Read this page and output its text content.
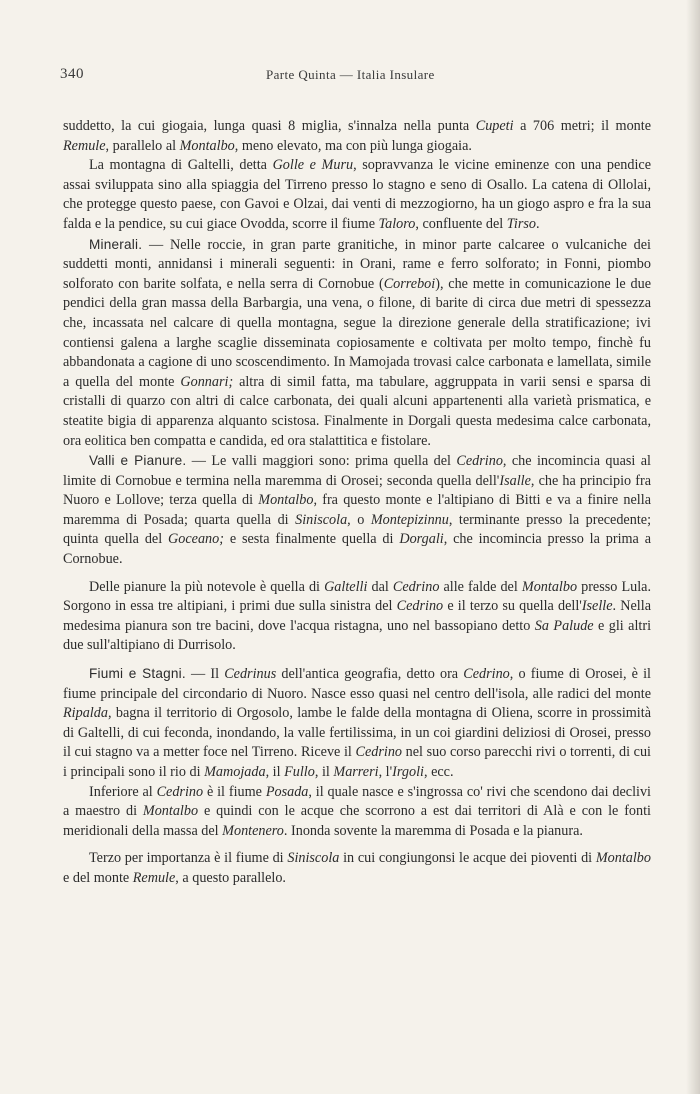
340	Parte Quinta — Italia Insulare

suddetto, la cui giogaia, lunga quasi 8 miglia, s'innalza nella punta Cupeti a 706 metri; il monte Remule, parallelo al Montalbo, meno elevato, ma con più lunga giogaia.

La montagna di Galtelli, detta Golle e Muru, sopravvanza le vicine eminenze con una pendice assai sviluppata sino alla spiaggia del Tirreno presso lo stagno e seno di Osallo. La catena di Ollolai, che protegge questo paese, con Gavoi e Olzai, dai venti di mezzogiorno, ha un giogo aspro e fra la sua falda e la pendice, su cui giace Ovodda, scorre il fiume Taloro, confluente del Tirso.

Minerali. — Nelle roccie, in gran parte granitiche, in minor parte calcaree o vulcaniche dei suddetti monti, annidansi i minerali seguenti: in Orani, rame e ferro solforato; in Fonni, piombo solforato con barite solfata, e nella serra di Cornobue (Correboi), che mette in comunicazione le due pendici della gran massa della Barbargia, una vena, o filone, di barite di circa due metri di spessezza che, incassata nel calcare di quella montagna, segue la direzione generale della stratificazione; ivi contiensi galena a larghe scaglie disseminata copiosamente e coltivata per molto tempo, finchè fu abbandonata a cagione di uno scoscendimento. In Mamojada trovasi calce carbonata e lamellata, simile a quella del monte Gonnari; altra di simil fatta, ma tabulare, aggruppata in varii sensi e sparsa di cristalli di quarzo con altri di calce carbonata, dei quali alcuni appartenenti alla varietà prismatica, e steatite bigia di apparenza alquanto scistosa. Finalmente in Dorgali questa medesima calce carbonata, ora eolitica ben compatta e candida, ed ora stalattitica e fistolare.

Valli e Pianure. — Le valli maggiori sono: prima quella del Cedrino, che incomincia quasi al limite di Cornobue e termina nella maremma di Orosei; seconda quella dell'Isalle, che ha principio fra Nuoro e Lollove; terza quella di Montalbo, fra questo monte e l'altipiano di Bitti e va a finire nella maremma di Posada; quarta quella di Siniscola, o Montepizinnu, terminante presso la precedente; quinta quella del Goceano; e sesta finalmente quella di Dorgali, che incomincia presso la prima a Cornobue.

Delle pianure la più notevole è quella di Galtelli dal Cedrino alle falde del Montalbo presso Lula. Sorgono in essa tre altipiani, i primi due sulla sinistra del Cedrino e il terzo su quella dell'Iselle. Nella medesima pianura son tre bacini, dove l'acqua ristagna, uno nel bassopiano detto Sa Palude e gli altri due sull'altipiano di Durrisolo.

Fiumi e Stagni. — Il Cedrinus dell'antica geografia, detto ora Cedrino, o fiume di Orosei, è il fiume principale del circondario di Nuoro. Nasce esso quasi nel centro dell'isola, alle radici del monte Ripalda, bagna il territorio di Orgosolo, lambe le falde della montagna di Oliena, scorre in prossimità di Galtelli, di cui feconda, inondando, la valle fertilissima, in un coi giardini deliziosi di Orosei, presso il cui stagno va a metter foce nel Tirreno. Riceve il Cedrino nel suo corso parecchi rivi o torrenti, di cui i principali sono il rio di Mamojada, il Fullo, il Marreri, l'Irgoli, ecc.

Inferiore al Cedrino è il fiume Posada, il quale nasce e s'ingrossa co' rivi che scendono dai declivi a maestro di Montalbo e quindi con le acque che scorrono a est dai territori di Alà e con le fonti meridionali della massa del Montenero. Inonda sovente la maremma di Posada e la pianura.

Terzo per importanza è il fiume di Siniscola in cui congiungonsi le acque dei pioventi di Montalbo e del monte Remule, a questo parallelo.
